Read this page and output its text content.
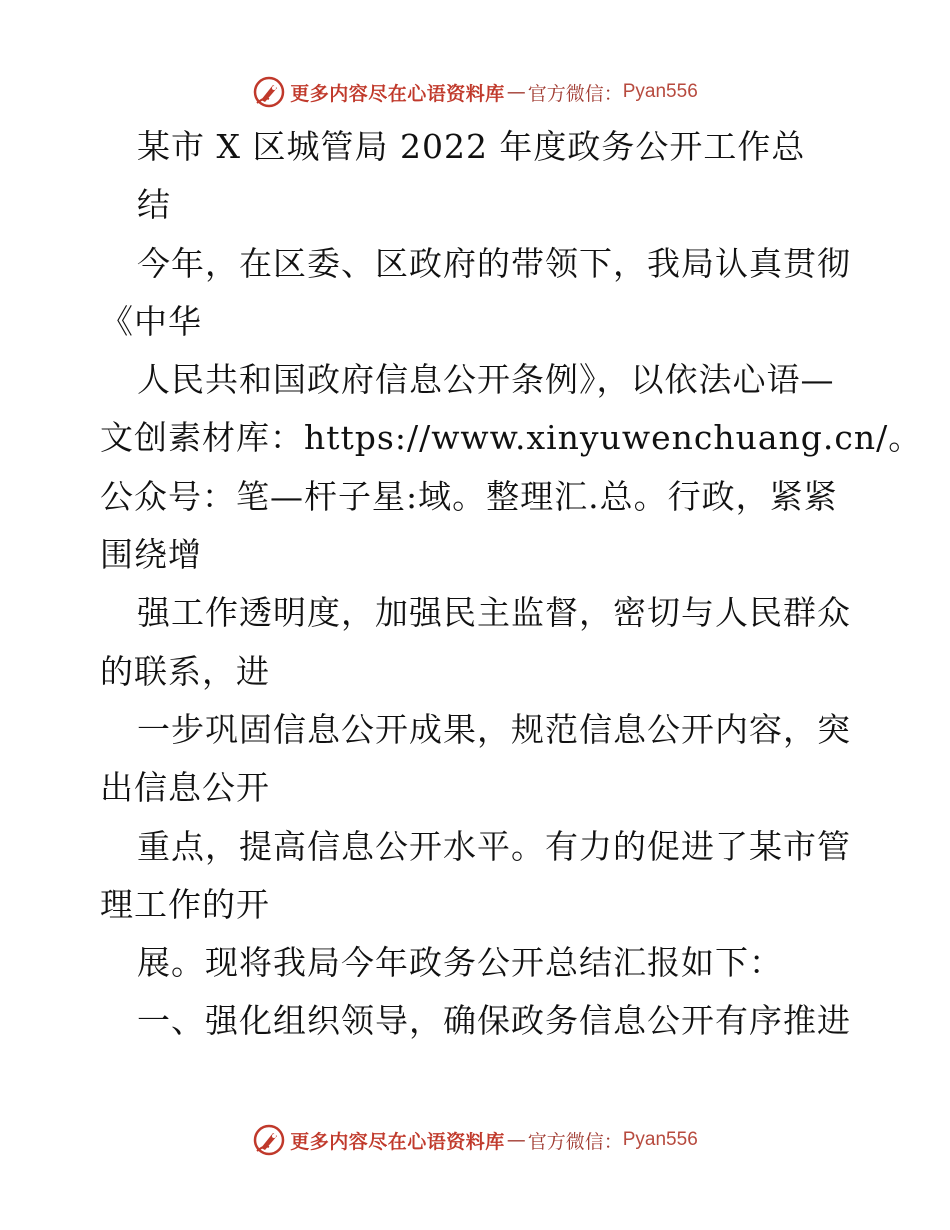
更多内容尽在心语资料库 — 官方微信： Pyan556
某市 X 区城管局 2022 年度政务公开工作总
结
今年，在区委、区政府的带领下，我局认真贯彻
《中华
人民共和国政府信息公开条例》，以依法心语—
文创素材库：https://www.xinyuwenchuang.cn/。
公众号：笔—杆子星:域。整理汇.总。行政，紧紧
围绕增
强工作透明度，加强民主监督，密切与人民群众
的联系，进
一步巩固信息公开成果，规范信息公开内容，突
出信息公开
重点，提高信息公开水平。有力的促进了某市管
理工作的开
展。现将我局今年政务公开总结汇报如下：
一、强化组织领导，确保政务信息公开有序推进
更多内容尽在心语资料库 — 官方微信： Pyan556
